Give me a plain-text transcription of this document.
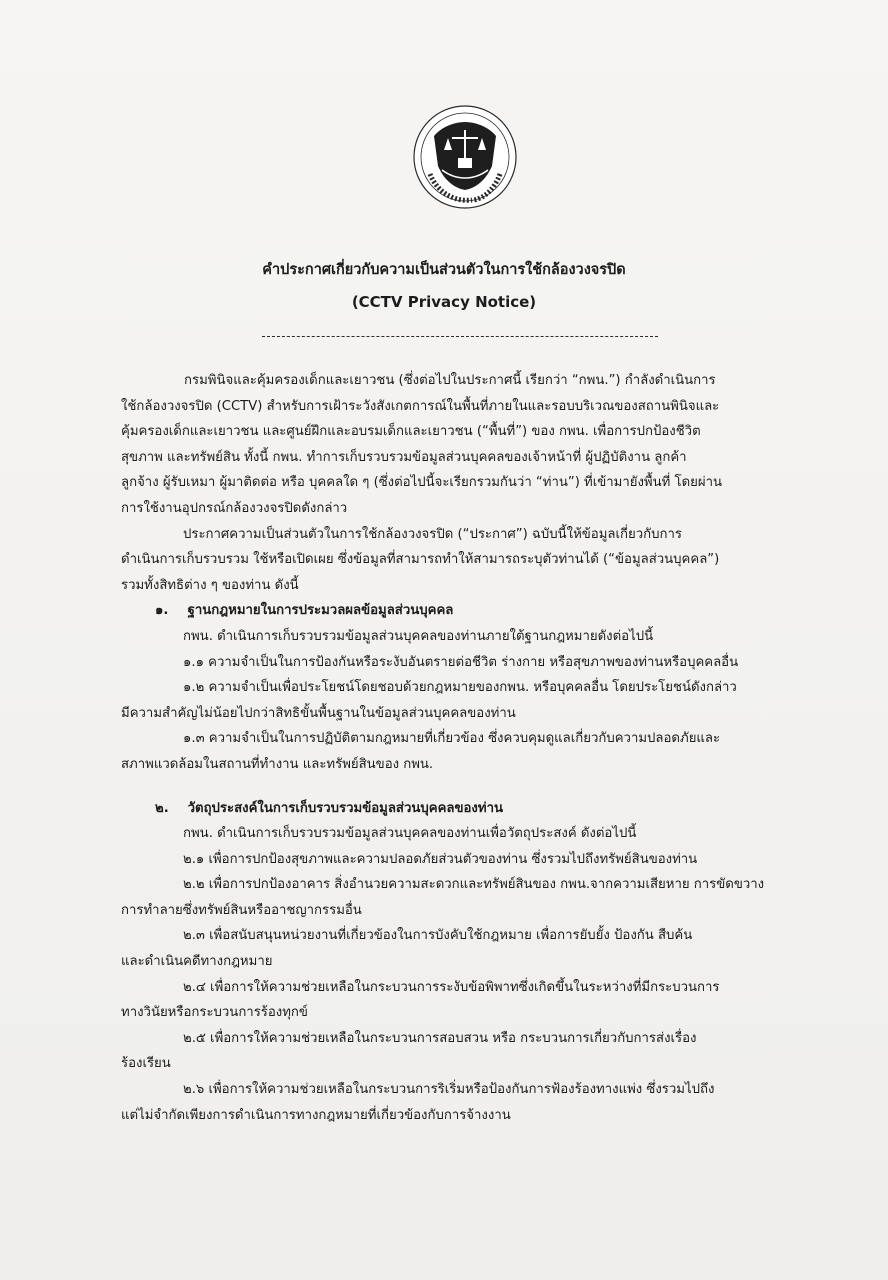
คำประกาศเกี่ยวกับความเป็นส่วนตัวในการใช้กล้องวงจรปิด
(CCTV Privacy Notice)
กรมพินิจและคุ้มครองเด็กและเยาวชน (ซึ่งต่อไปในประกาศนี้ เรียกว่า “กพน.”) กำลังดำเนินการ
ใช้กล้องวงจรปิด (CCTV) สำหรับการเฝ้าระวังสังเกตการณ์ในพื้นที่ภายในและรอบบริเวณของสถานพินิจและ
คุ้มครองเด็กและเยาวชน และศูนย์ฝึกและอบรมเด็กและเยาวชน (“พื้นที่”) ของ กพน. เพื่อการปกป้องชีวิต
สุขภาพ และทรัพย์สิน ทั้งนี้ กพน. ทำการเก็บรวบรวมข้อมูลส่วนบุคคลของเจ้าหน้าที่ ผู้ปฏิบัติงาน ลูกค้า
ลูกจ้าง ผู้รับเหมา ผู้มาติดต่อ หรือ บุคคลใด ๆ (ซึ่งต่อไปนี้จะเรียกรวมกันว่า “ท่าน”) ที่เข้ามายังพื้นที่ โดยผ่าน
การใช้งานอุปกรณ์กล้องวงจรปิดดังกล่าว
ประกาศความเป็นส่วนตัวในการใช้กล้องวงจรปิด (“ประกาศ”) ฉบับนี้ให้ข้อมูลเกี่ยวกับการ
ดำเนินการเก็บรวบรวม ใช้หรือเปิดเผย ซึ่งข้อมูลที่สามารถทำให้สามารถระบุตัวท่านได้ (“ข้อมูลส่วนบุคคล”)
รวมทั้งสิทธิต่าง ๆ ของท่าน ดังนี้
๑. ฐานกฎหมายในการประมวลผลข้อมูลส่วนบุคคล
กพน. ดำเนินการเก็บรวบรวมข้อมูลส่วนบุคคลของท่านภายใต้ฐานกฎหมายดังต่อไปนี้
๑.๑ ความจำเป็นในการป้องกันหรือระงับอันตรายต่อชีวิต ร่างกาย หรือสุขภาพของท่านหรือบุคคลอื่น
๑.๒ ความจำเป็นเพื่อประโยชน์โดยชอบด้วยกฎหมายของกพน. หรือบุคคลอื่น โดยประโยชน์ดังกล่าว
มีความสำคัญไม่น้อยไปกว่าสิทธิขั้นพื้นฐานในข้อมูลส่วนบุคคลของท่าน
๑.๓ ความจำเป็นในการปฏิบัติตามกฎหมายที่เกี่ยวข้อง ซึ่งควบคุมดูแลเกี่ยวกับความปลอดภัยและ
สภาพแวดล้อมในสถานที่ทำงาน และทรัพย์สินของ กพน.
๒. วัตถุประสงค์ในการเก็บรวบรวมข้อมูลส่วนบุคคลของท่าน
กพน. ดำเนินการเก็บรวบรวมข้อมูลส่วนบุคคลของท่านเพื่อวัตถุประสงค์ ดังต่อไปนี้
๒.๑ เพื่อการปกป้องสุขภาพและความปลอดภัยส่วนตัวของท่าน ซึ่งรวมไปถึงทรัพย์สินของท่าน
๒.๒ เพื่อการปกป้องอาคาร สิ่งอำนวยความสะดวกและทรัพย์สินของ กพน.จากความเสียหาย การขัดขวาง
การทำลายซึ่งทรัพย์สินหรืออาชญากรรมอื่น
๒.๓ เพื่อสนับสนุนหน่วยงานที่เกี่ยวข้องในการบังคับใช้กฎหมาย เพื่อการยับยั้ง ป้องกัน สืบค้น
และดำเนินคดีทางกฎหมาย
๒.๔ เพื่อการให้ความช่วยเหลือในกระบวนการระงับข้อพิพาทซึ่งเกิดขึ้นในระหว่างที่มีกระบวนการ
ทางวินัยหรือกระบวนการร้องทุกข์
๒.๕ เพื่อการให้ความช่วยเหลือในกระบวนการสอบสวน หรือ กระบวนการเกี่ยวกับการส่งเรื่อง
ร้องเรียน
๒.๖ เพื่อการให้ความช่วยเหลือในกระบวนการริเริ่มหรือป้องกันการฟ้องร้องทางแพ่ง ซึ่งรวมไปถึง
แต่ไม่จำกัดเพียงการดำเนินการทางกฎหมายที่เกี่ยวข้องกับการจ้างงาน
